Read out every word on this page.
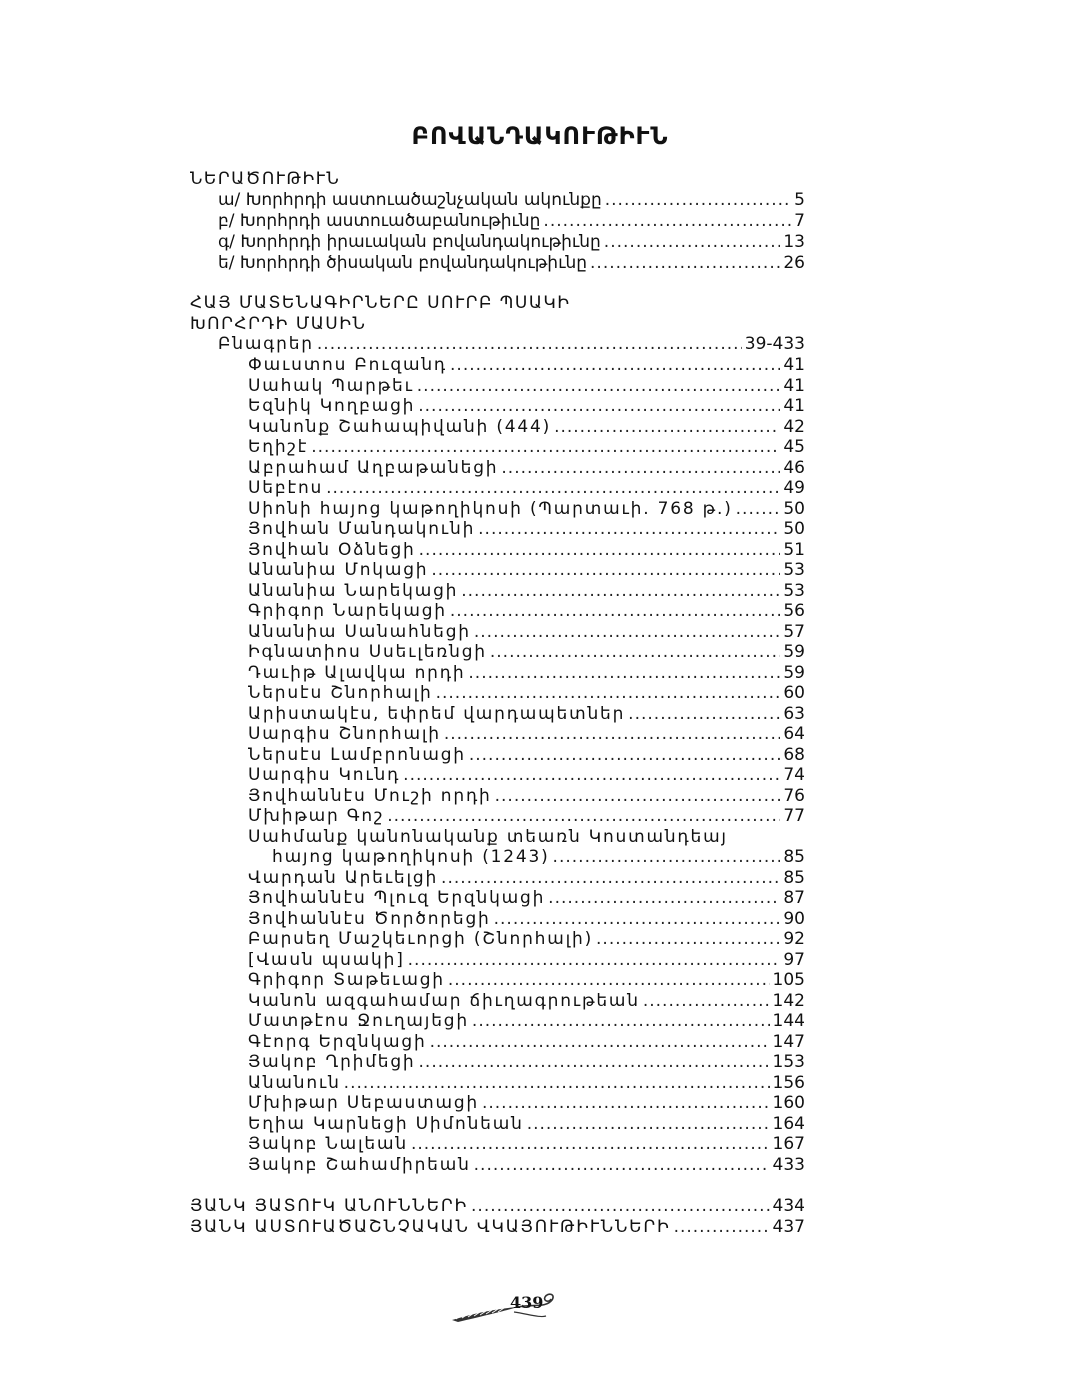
ԲՈՎԱՆԴԱԿՈՒԹԻՒՆ
ՆԵՐԱԾՈՒԹԻՒՆ
ա/ Խորհրդի աստուածաշնչական ակունքը .....	5
բ/ Խորհրդի աստուածաբանութիւնը .....	7
գ/ Խորհրդի իրաւական բովանդակութիւնը .....	13
ե/ Խորհրդի ծիսական բովանդակութիւնը .....	26
ՀԱՅ ՄԱՏԵՆԱԳԻՐՆԵՐԸ ՍՈՒՐԲ ՊՍԱԿԻ
ԽՈՐՀՐԴԻ ՄԱՍԻՆ
Բնագրեր .....	39-433
Փաւստոս Բուզանդ .....	41
Սահակ Պարթեւ .....	41
Եզնիկ Կողբացի .....	41
Կանոնք Շահապիվանի (444) .....	42
Եղիշէ .....	45
Աբրահամ Աղբաթանեցի .....	46
Սեբէոս .....	49
Սիոնի հայոց կաթողիկոսի (Պարտաւի. 768 թ.) .....	50
Յովհան Մանդակունի .....	50
Յովհան Օձնեցի .....	51
Անանիա Մոկացի .....	53
Անանիա Նարեկացի .....	53
Գրիգոր Նարեկացի .....	56
Անանիա Սանահնեցի .....	57
Իգնատիոս Սսեւլեռնցի .....	59
Դաւիթ Ալավկա որդի .....	59
Ներսէս Շնորհալի .....	60
Արիստակէս, եփրեմ վարդապետներ .....	63
Սարգիս Շնորհալի .....	64
Ներսէս Լամբրոնացի .....	68
Սարգիս Կունդ .....	74
Յովհաննէս Մուշի որդի .....	76
Մխիթար Գոշ .....	77
Սահմանք կանոնականք տեառն Կոստանդեայ
հայոց կաթողիկոսի (1243) .....	85
Վարդան Արեւելցի .....	85
Յովհաննէս Պլուզ Երզնկացի .....	87
Յովհաննէս Ծործորեցի .....	90
Բարսեղ Մաշկեւորցի (Շնորհալի) .....	92
[Վասն պսակի] .....	97
Գրիգոր Տաթեւացի .....	105
Կանոն ազգահամար ճիւղագրութեան .....	142
Մատթէոս Ջուղայեցի .....	144
Գէորգ Երզնկացի .....	147
Յակոբ Ղրիմեցի .....	153
Անանուն .....	156
Մխիթար Սեբաստացի .....	160
Եղիա Կարնեցի Սիմոնեան .....	164
Յակոբ Նալեան .....	167
Յակոբ Շահամիրեան .....	433
ՅԱՆԿ ՅԱՏՈՒԿ ԱՆՈՒՆՆԵՐԻ .....	434
ՅԱՆԿ ԱՍՏՈՒԱԾԱՇՆՉԱԿԱՆ ՎԿԱՅՈՒԹԻՒՆՆԵՐԻ .....	437
439
